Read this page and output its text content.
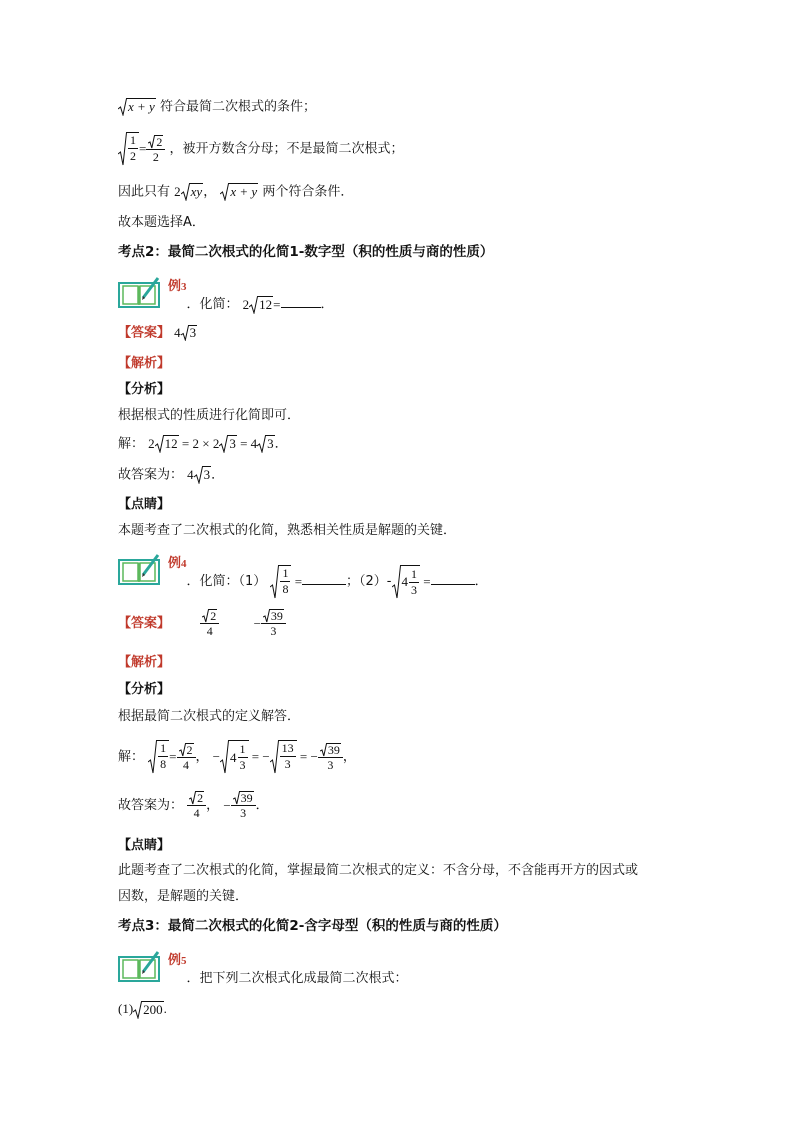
x + y 符合最简二次根式的条件；
$\frac{1}{2} = \frac{2}{2}$ ，被开方数含分母；不是最简二次根式；
因此只有 2 xy ， x + y 两个符合条件．
故本题选择A．
考点2：最简二次根式的化简1-数字型（积的性质与商的性质）
例3
．化简： 2 12 =	．
【答案】 4 3
【解析】
【分析】
根据根式的性质进行化简即可．
解： 2 12 = 2 × 2 3 = 4 3 ．
故答案为： 4 3 ．
【点睛】
本题考查了二次根式的化简，熟悉相关性质是解题的关键．
例4
．化简：$(1) \frac{1}{8}$ =	；（2）- $4 \frac{1}{3}$ =	．
【答案】	$\frac{2}{4}$	− $\frac{39}{3}$
【解析】
【分析】
根据最简二次根式的定义解答．
解： $\frac{1}{8} = \frac{2}{4}$ ， − $4 \frac{1}{3}$ = − $\frac{13}{3}$ = − $\frac{39}{3}$ ，
故答案为： $\frac{2}{4}$ ， − $\frac{39}{3}$ ．
【点睛】
此题考查了二次根式的化简，掌握最简二次根式的定义：不含分母，不含能再开方的因式或
因数，是解题的关键．
考点3：最简二次根式的化简2-含字母型（积的性质与商的性质）
例5
．把下列二次根式化成最简二次根式：
(1) 200 .
